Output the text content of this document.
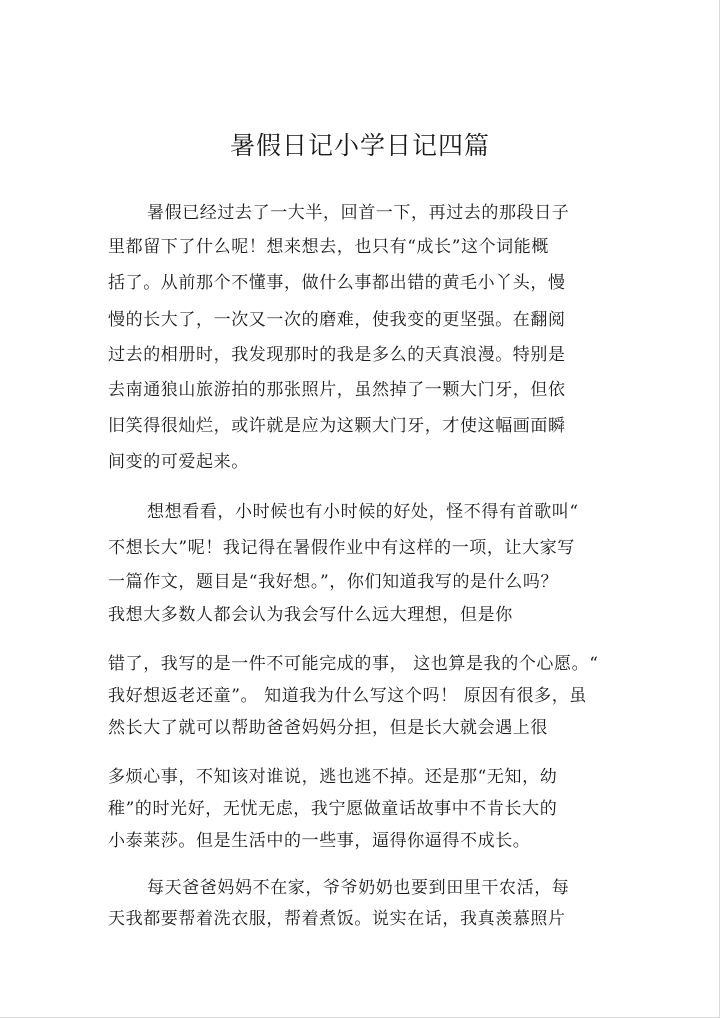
暑假日记小学日记四篇
暑假已经过去了一大半，回首一下，再过去的那段日子
里都留下了什么呢！想来想去，也只有“成长”这个词能概
括了。从前那个不懂事，做什么事都出错的黄毛小丫头，慢
慢的长大了，一次又一次的磨难，使我变的更坚强。在翻阅
过去的相册时，我发现那时的我是多么的天真浪漫。特别是
去南通狼山旅游拍的那张照片，虽然掉了一颗大门牙，但依
旧笑得很灿烂，或许就是应为这颗大门牙，才使这幅画面瞬
间变的可爱起来。
想想看看，小时候也有小时候的好处，怪不得有首歌叫“
不想长大”呢！我记得在暑假作业中有这样的一项，让大家写
一篇作文，题目是“我好想。”，你们知道我写的是什么吗？
我想大多数人都会认为我会写什么远大理想，但是你
错了，我写的是一件不可能完成的事， 这也算是我的个心愿。“
我好想返老还童”。 知道我为什么写这个吗！ 原因有很多，虽
然长大了就可以帮助爸爸妈妈分担，但是长大就会遇上很
多烦心事，不知该对谁说，逃也逃不掉。还是那“无知，幼
稚”的时光好，无忧无虑，我宁愿做童话故事中不肯长大的
小泰莱莎。但是生活中的一些事，逼得你逼得不成长。
每天爸爸妈妈不在家，爷爷奶奶也要到田里干农活，每
天我都要帮着洗衣服，帮着煮饭。说实在话，我真羡慕照片
